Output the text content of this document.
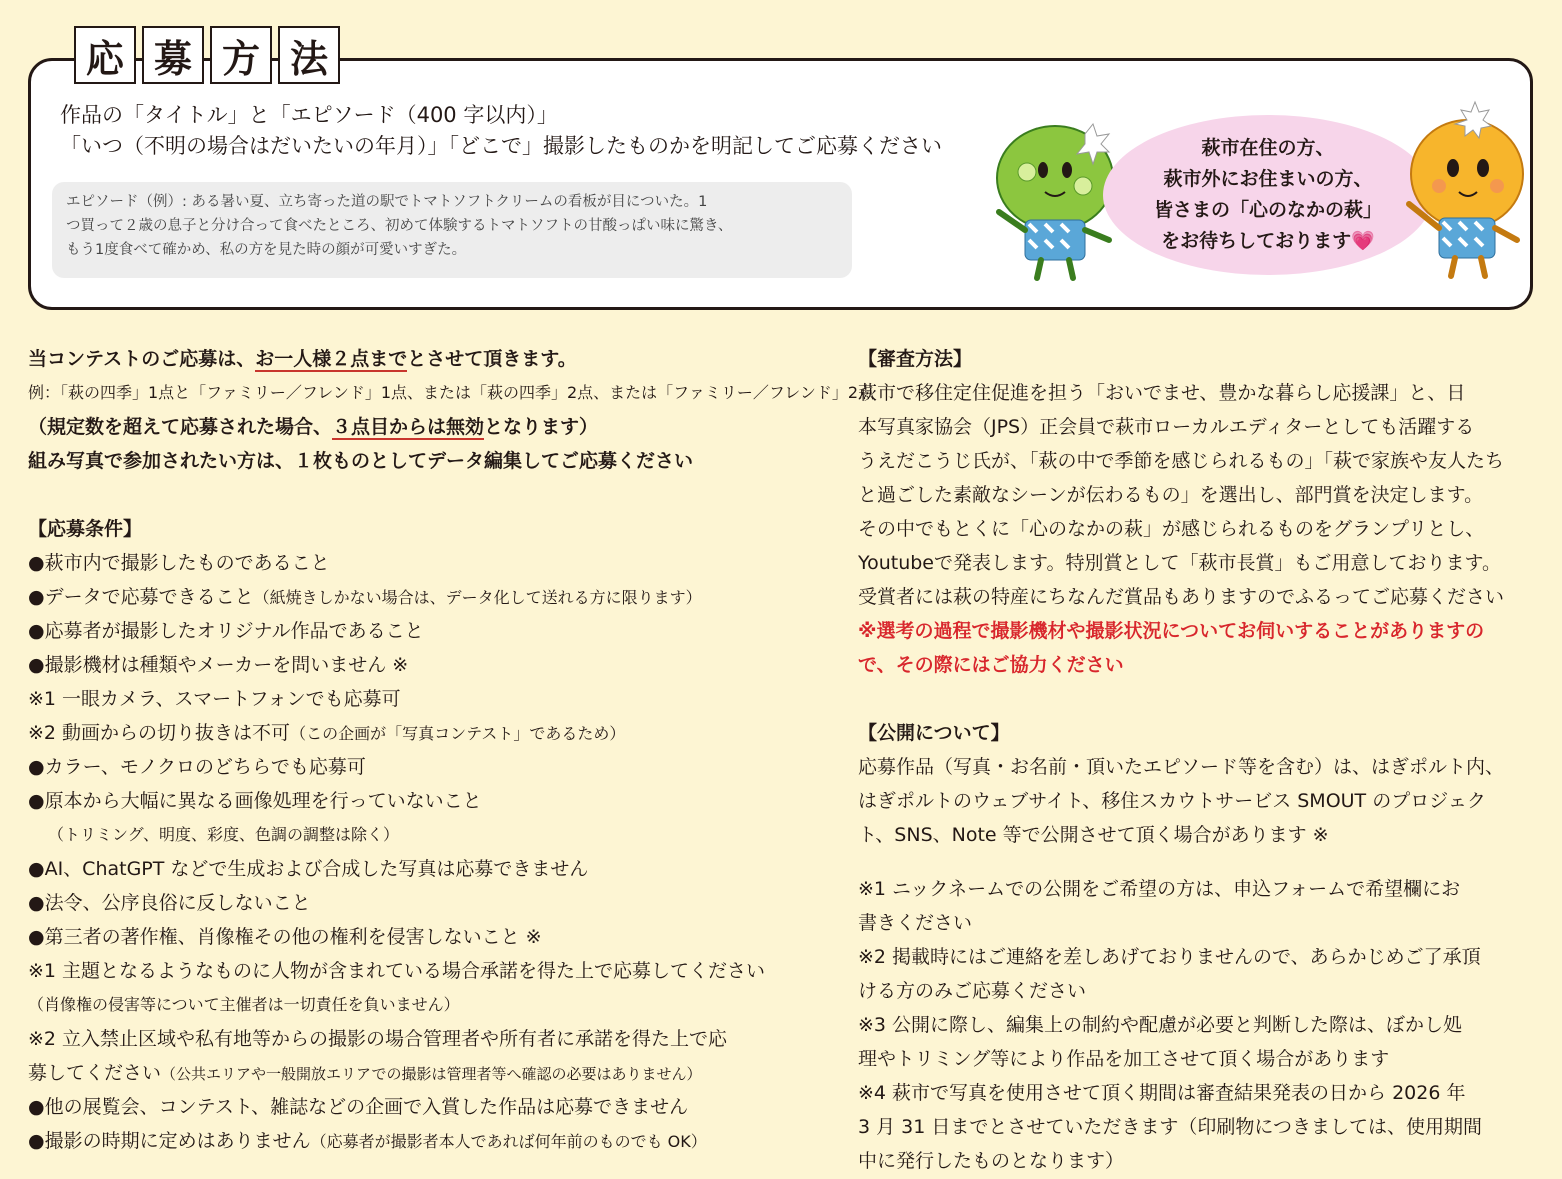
応 募 方 法
作品の「タイトル」と「エピソード（400 字以内）」
「いつ（不明の場合はだいたいの年月）」「どこで」撮影したものかを明記してご応募ください
エピソード（例）: ある暑い夏、立ち寄った道の駅でトマトソフトクリームの看板が目についた。1
つ買って２歳の息子と分け合って食べたところ、初めて体験するトマトソフトの甘酸っぱい味に驚き、
もう1度食べて確かめ、私の方を見た時の顔が可愛いすぎた。
萩市在住の方、
萩市外にお住まいの方、
皆さまの「心のなかの萩」
をお待ちしております💗
当コンテストのご応募は、お一人様２点までとさせて頂きます。
例：「萩の四季」1点と「ファミリー／フレンド」1点、または「萩の四季」2点、または「ファミリー／フレンド」2点
（規定数を超えて応募された場合、３点目からは無効となります）
組み写真で参加されたい方は、１枚ものとしてデータ編集してご応募ください
【応募条件】
●萩市内で撮影したものであること
●データで応募できること（紙焼きしかない場合は、データ化して送れる方に限ります）
●応募者が撮影したオリジナル作品であること
●撮影機材は種類やメーカーを問いません ※
※1 一眼カメラ、スマートフォンでも応募可
※2 動画からの切り抜きは不可（この企画が「写真コンテスト」であるため）
●カラー、モノクロのどちらでも応募可
●原本から大幅に異なる画像処理を行っていないこと
（トリミング、明度、彩度、色調の調整は除く）
●AI、ChatGPT などで生成および合成した写真は応募できません
●法令、公序良俗に反しないこと
●第三者の著作権、肖像権その他の権利を侵害しないこと ※
※1 主題となるようなものに人物が含まれている場合承諾を得た上で応募してください
（肖像権の侵害等について主催者は一切責任を負いません）
※2 立入禁止区域や私有地等からの撮影の場合管理者や所有者に承諾を得た上で応
募してください（公共エリアや一般開放エリアでの撮影は管理者等へ確認の必要はありません）
●他の展覧会、コンテスト、雑誌などの企画で入賞した作品は応募できません
●撮影の時期に定めはありません（応募者が撮影者本人であれば何年前のものでも OK）
【審査方法】
萩市で移住定住促進を担う「おいでませ、豊かな暮らし応援課」と、日
本写真家協会（JPS）正会員で萩市ローカルエディターとしても活躍する
うえだこうじ氏が、「萩の中で季節を感じられるもの」「萩で家族や友人たち
と過ごした素敵なシーンが伝わるもの」を選出し、部門賞を決定します。
その中でもとくに「心のなかの萩」が感じられるものをグランプリとし、
Youtubeで発表します。特別賞として「萩市長賞」もご用意しております。
受賞者には萩の特産にちなんだ賞品もありますのでふるってご応募ください
※選考の過程で撮影機材や撮影状況についてお伺いすることがありますの
で、その際にはご協力ください
【公開について】
応募作品（写真・お名前・頂いたエピソード等を含む）は、はぎポルト内、
はぎポルトのウェブサイト、移住スカウトサービス SMOUT のプロジェク
ト、SNS、Note 等で公開させて頂く場合があります ※
※1 ニックネームでの公開をご希望の方は、申込フォームで希望欄にお
書きください
※2 掲載時にはご連絡を差しあげておりませんので、あらかじめご了承頂
ける方のみご応募ください
※3 公開に際し、編集上の制約や配慮が必要と判断した際は、ぼかし処
理やトリミング等により作品を加工させて頂く場合があります
※4 萩市で写真を使用させて頂く期間は審査結果発表の日から 2026 年
3 月 31 日までとさせていただきます（印刷物につきましては、使用期間
中に発行したものとなります）
